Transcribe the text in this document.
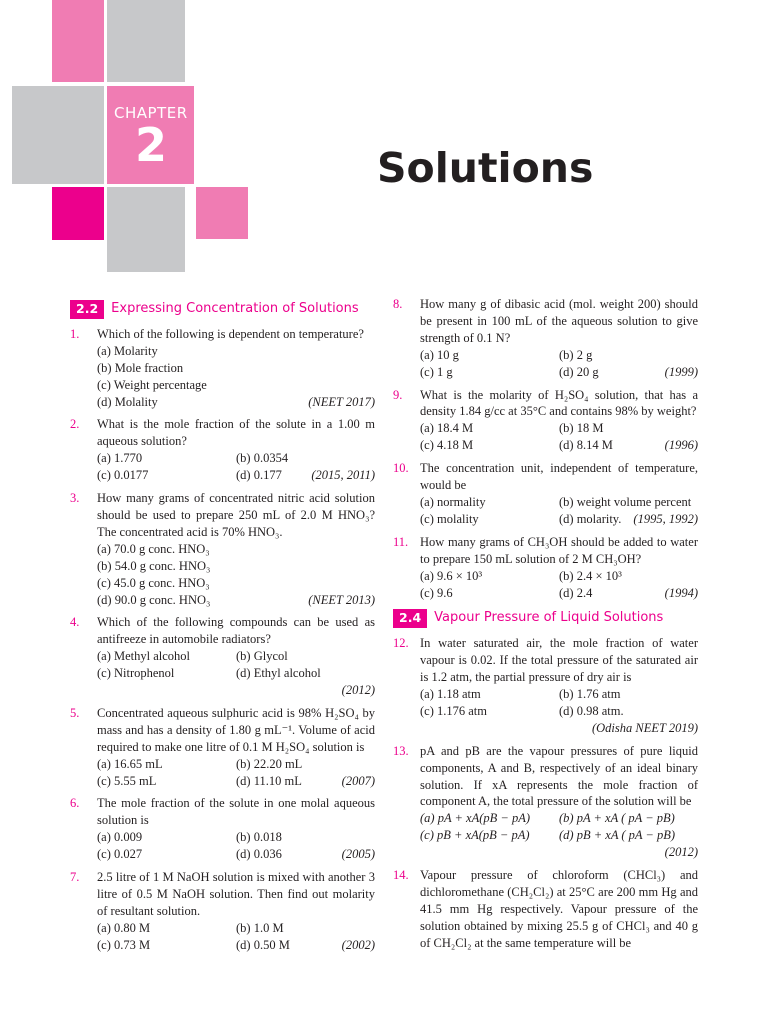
CHAPTER
2	Solutions
2.2	Expressing Concentration of Solutions
1.	Which of the following is dependent on temperature?
(a) Molarity
(b) Mole fraction
(c) Weight percentage
(d) Molality	(NEET 2017)
2.	What is the mole fraction of the solute in a 1.00 m aqueous solution?
(a) 1.770	(b) 0.0354
(c) 0.0177	(d) 0.177	(2015, 2011)
3.	How many grams of concentrated nitric acid solution should be used to prepare 250 mL of 2.0 M HNO₃? The concentrated acid is 70% HNO₃.
(a) 70.0 g conc. HNO₃
(b) 54.0 g conc. HNO₃
(c) 45.0 g conc. HNO₃
(d) 90.0 g conc. HNO₃	(NEET 2013)
4.	Which of the following compounds can be used as antifreeze in automobile radiators?
(a) Methyl alcohol	(b) Glycol
(c) Nitrophenol	(d) Ethyl alcohol
(2012)
5.	Concentrated aqueous sulphuric acid is 98% H₂SO₄ by mass and has a density of 1.80 g mL⁻¹. Volume of acid required to make one litre of 0.1 M H₂SO₄ solution is
(a) 16.65 mL	(b) 22.20 mL
(c) 5.55 mL	(d) 11.10 mL	(2007)
6.	The mole fraction of the solute in one molal aqueous solution is
(a) 0.009	(b) 0.018
(c) 0.027	(d) 0.036	(2005)
7.	2.5 litre of 1 M NaOH solution is mixed with another 3 litre of 0.5 M NaOH solution. Then find out molarity of resultant solution.
(a) 0.80 M	(b) 1.0 M
(c) 0.73 M	(d) 0.50 M	(2002)
8.	How many g of dibasic acid (mol. weight 200) should be present in 100 mL of the aqueous solution to give strength of 0.1 N?
(a) 10 g	(b) 2 g
(c) 1 g	(d) 20 g	(1999)
9.	What is the molarity of H₂SO₄ solution, that has a density 1.84 g/cc at 35°C and contains 98% by weight?
(a) 18.4 M	(b) 18 M
(c) 4.18 M	(d) 8.14 M	(1996)
10. The concentration unit, independent of temperature, would be
(a) normality	(b) weight volume percent
(c) molality	(d) molarity. (1995, 1992)
11. How many grams of CH₃OH should be added to water to prepare 150 mL solution of 2 M CH₃OH?
(a) 9.6 × 10³	(b) 2.4 × 10³
(c) 9.6	(d) 2.4	(1994)
2.4	Vapour Pressure of Liquid Solutions
12. In water saturated air, the mole fraction of water vapour is 0.02. If the total pressure of the saturated air is 1.2 atm, the partial pressure of dry air is
(a) 1.18 atm	(b) 1.76 atm
(c) 1.176 atm	(d) 0.98 atm.
(Odisha NEET 2019)
13. pA and pB are the vapour pressures of pure liquid components, A and B, respectively of an ideal binary solution. If xA represents the mole fraction of component A, the total pressure of the solution will be
(a) pA + xA(pB − pA)	(b) pA + xA ( pA − pB)
(c) pB + xA(pB − pA)	(d) pB + xA ( pA − pB)
(2012)
14. Vapour pressure of chloroform (CHCl₃) and dichloromethane (CH₂Cl₂) at 25°C are 200 mm Hg and 41.5 mm Hg respectively. Vapour pressure of the solution obtained by mixing 25.5 g of CHCl₃ and 40 g of CH₂Cl₂ at the same temperature will be
